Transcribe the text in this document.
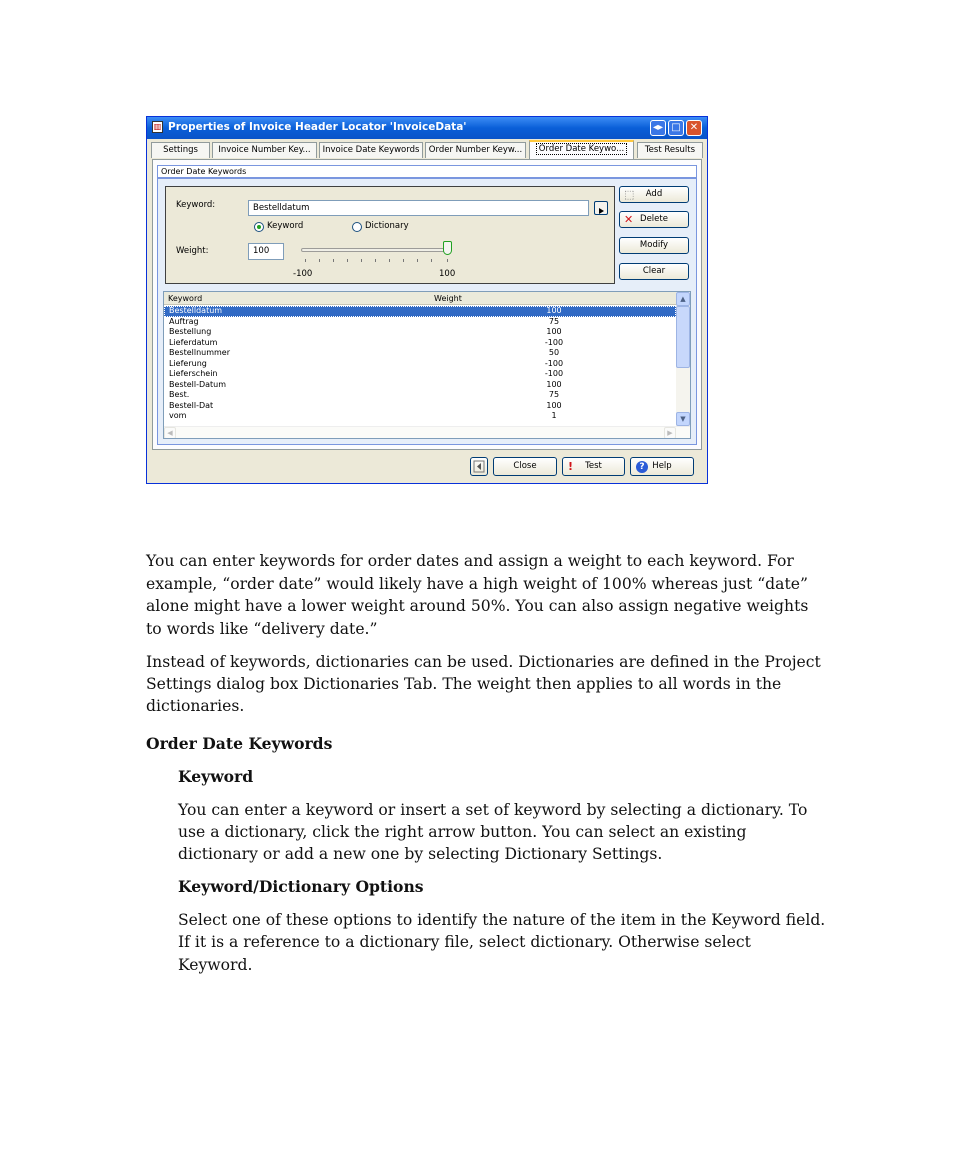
▥ Properties of Invoice Header Locator 'InvoiceData'	◂▸ □ ✕
Settings	Invoice Number Key...	Invoice Date Keywords	Order Number Keyw...	Order Date Keywo...	Test Results
Order Date Keywords
Keyword:	Bestelldatum
Keyword	Dictionary
Weight:	100
-100	100
⬚ Add
✕ Delete
Modify
Clear
Keyword	Weight
Bestelldatum	100
Auftrag	75
Bestellung	100
Lieferdatum	-100
Bestellnummer	50
Lieferung	-100
Lieferschein	-100
Bestell-Datum	100
Best.	75
Bestell-Dat	100
vom	1
▲
▼
◀	▶
Close	! Test	? Help
You can enter keywords for order dates and assign a weight to each keyword. For
example, “order date” would likely have a high weight of 100% whereas just “date”
alone might have a lower weight around 50%. You can also assign negative weights
to words like “delivery date.”
Instead of keywords, dictionaries can be used. Dictionaries are defined in the Project
Settings dialog box Dictionaries Tab. The weight then applies to all words in the
dictionaries.
Order Date Keywords
Keyword
You can enter a keyword or insert a set of keyword by selecting a dictionary. To
use a dictionary, click the right arrow button. You can select an existing
dictionary or add a new one by selecting Dictionary Settings.
Keyword/Dictionary Options
Select one of these options to identify the nature of the item in the Keyword field.
If it is a reference to a dictionary file, select dictionary. Otherwise select
Keyword.
